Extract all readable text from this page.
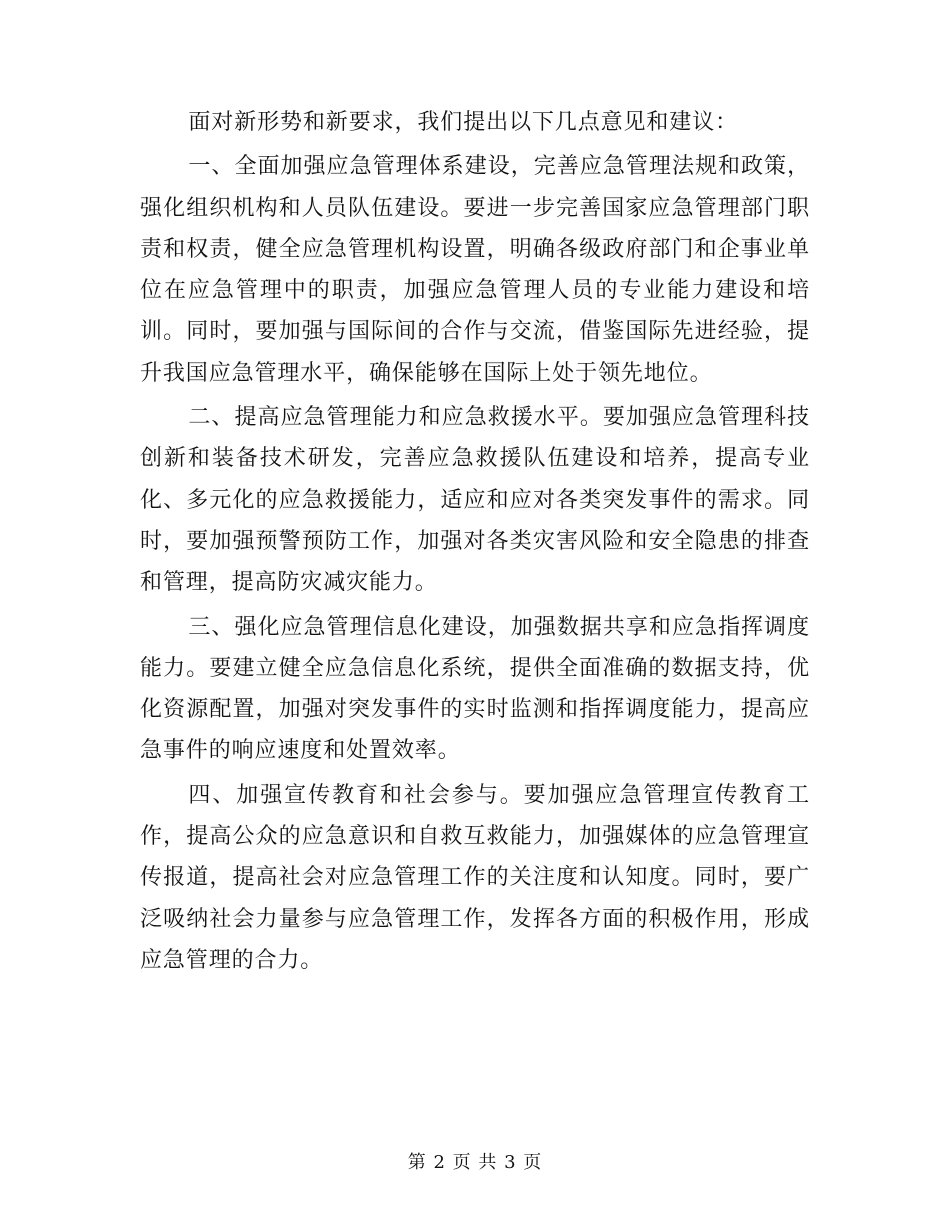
面对新形势和新要求，我们提出以下几点意见和建议：

一、全面加强应急管理体系建设，完善应急管理法规和政策，强化组织机构和人员队伍建设。要进一步完善国家应急管理部门职责和权责，健全应急管理机构设置，明确各级政府部门和企事业单位在应急管理中的职责，加强应急管理人员的专业能力建设和培训。同时，要加强与国际间的合作与交流，借鉴国际先进经验，提升我国应急管理水平，确保能够在国际上处于领先地位。

二、提高应急管理能力和应急救援水平。要加强应急管理科技创新和装备技术研发，完善应急救援队伍建设和培养，提高专业化、多元化的应急救援能力，适应和应对各类突发事件的需求。同时，要加强预警预防工作，加强对各类灾害风险和安全隐患的排查和管理，提高防灾减灾能力。

三、强化应急管理信息化建设，加强数据共享和应急指挥调度能力。要建立健全应急信息化系统，提供全面准确的数据支持，优化资源配置，加强对突发事件的实时监测和指挥调度能力，提高应急事件的响应速度和处置效率。

四、加强宣传教育和社会参与。要加强应急管理宣传教育工作，提高公众的应急意识和自救互救能力，加强媒体的应急管理宣传报道，提高社会对应急管理工作的关注度和认知度。同时，要广泛吸纳社会力量参与应急管理工作，发挥各方面的积极作用，形成应急管理的合力。

第 2 页 共 3 页
